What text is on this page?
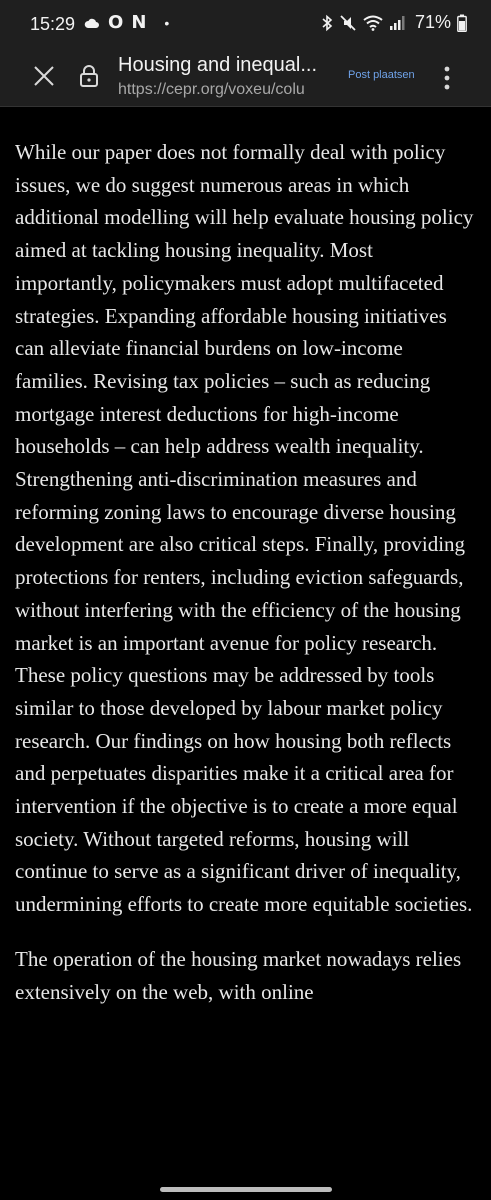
15:29 O N •	71%
Housing and inequal...
https://cepr.org/voxeu/colu
Post plaatsen

While our paper does not formally deal with policy issues, we do suggest numerous areas in which additional modelling will help evaluate housing policy aimed at tackling housing inequality. Most importantly, policymakers must adopt multifaceted strategies. Expanding affordable housing initiatives can alleviate financial burdens on low-income families. Revising tax policies – such as reducing mortgage interest deductions for high-income households – can help address wealth inequality. Strengthening anti-discrimination measures and reforming zoning laws to encourage diverse housing development are also critical steps. Finally, providing protections for renters, including eviction safeguards, without interfering with the efficiency of the housing market is an important avenue for policy research. These policy questions may be addressed by tools similar to those developed by labour market policy research. Our findings on how housing both reflects and perpetuates disparities make it a critical area for intervention if the objective is to create a more equal society. Without targeted reforms, housing will continue to serve as a significant driver of inequality, undermining efforts to create more equitable societies.

The operation of the housing market nowadays relies extensively on the web, with online
